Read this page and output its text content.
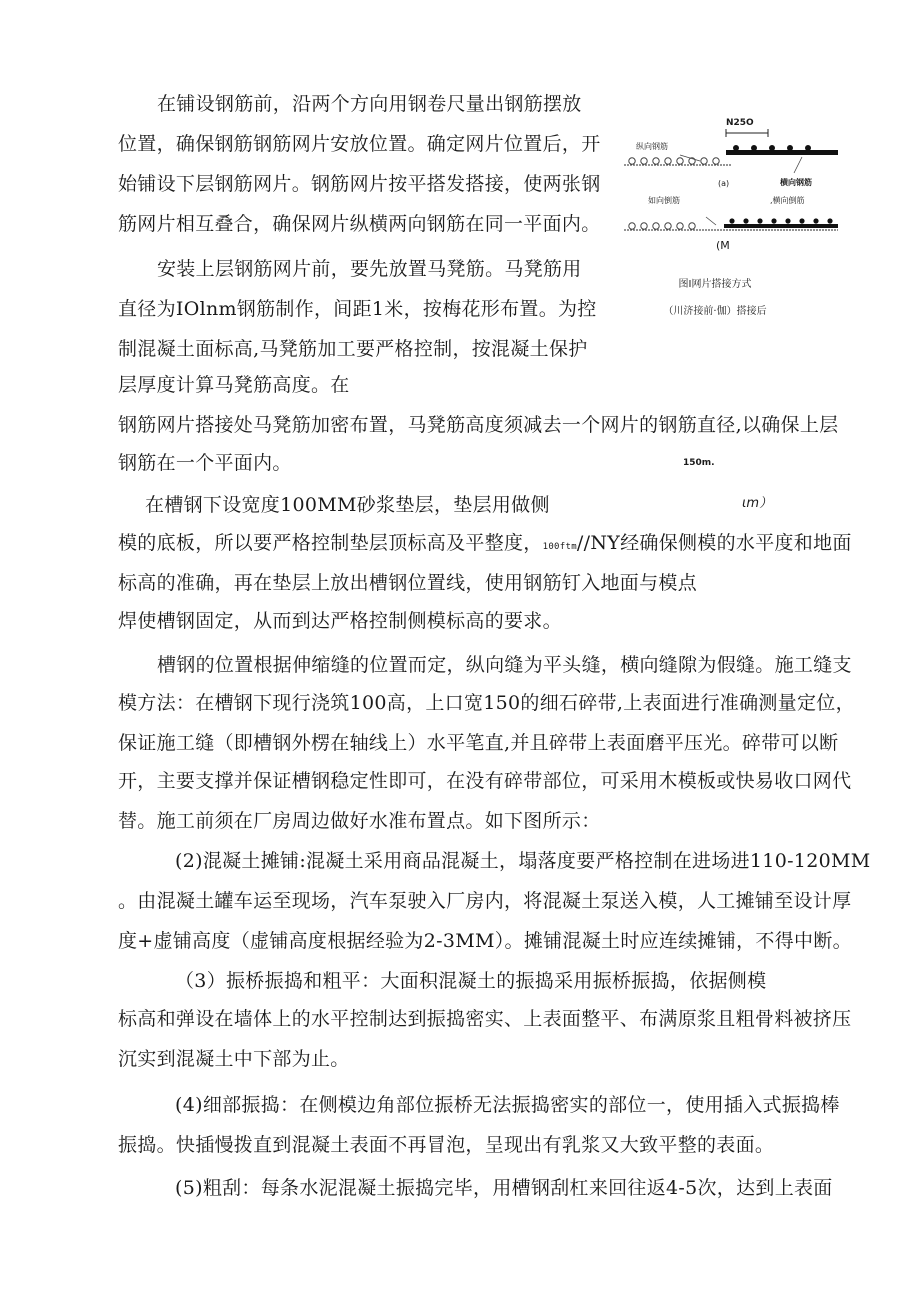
在铺设钢筋前，沿两个方向用钢卷尺量出钢筋摆放
位置，确保钢筋钢筋网片安放位置。确定网片位置后，开
始铺设下层钢筋网片。钢筋网片按平搭发搭接，使两张钢
筋网片相互叠合，确保网片纵横两向钢筋在同一平面内。
安装上层钢筋网片前，要先放置马凳筋。马凳筋用
直径为IOlnm钢筋制作，间距1米，按梅花形布置。为控
制混凝土面标高,马凳筋加工要严格控制，按混凝土保护
层厚度计算马凳筋高度。在
钢筋网片搭接处马凳筋加密布置，马凳筋高度须减去一个网片的钢筋直径,以确保上层
钢筋在一个平面内。
N25O
纵向钢筋
(a)	横向钢筋
如向倒筋	,横向倒筋
(M
图I网片搭接方式
（川济接前·伽）搭接后
150m.
ιm）
在槽钢下设宽度100MM砂浆垫层，垫层用做侧
模的底板，所以要严格控制垫层顶标高及平整度，100ftm//NY经确保侧模的水平度和地面
标高的准确，再在垫层上放出槽钢位置线，使用钢筋钉入地面与模点
焊使槽钢固定，从而到达严格控制侧模标高的要求。
槽钢的位置根据伸缩缝的位置而定，纵向缝为平头缝，横向缝隙为假缝。施工缝支
模方法：在槽钢下现行浇筑100高，上口宽150的细石碎带,上表面进行准确测量定位，
保证施工缝（即槽钢外楞在轴线上）水平笔直,并且碎带上表面磨平压光。碎带可以断
开，主要支撑并保证槽钢稳定性即可，在没有碎带部位，可采用木模板或快易收口网代
替。施工前须在厂房周边做好水准布置点。如下图所示：
(2)混凝土摊铺:混凝土采用商品混凝土，塌落度要严格控制在进场进110-120MM
。由混凝土罐车运至现场，汽车泵驶入厂房内，将混凝土泵送入模，人工摊铺至设计厚
度+虚铺高度（虚铺高度根据经验为2-3MM）。摊铺混凝土时应连续摊铺，不得中断。
（3）振桥振捣和粗平：大面积混凝土的振捣采用振桥振捣，依据侧模
标高和弹设在墙体上的水平控制达到振捣密实、上表面整平、布满原浆且粗骨料被挤压
沉实到混凝土中下部为止。
(4)细部振捣：在侧模边角部位振桥无法振捣密实的部位一，使用插入式振捣棒
振捣。快插慢拨直到混凝土表面不再冒泡，呈现出有乳浆又大致平整的表面。
(5)粗刮：每条水泥混凝土振捣完毕，用槽钢刮杠来回往返4-5次，达到上表面
